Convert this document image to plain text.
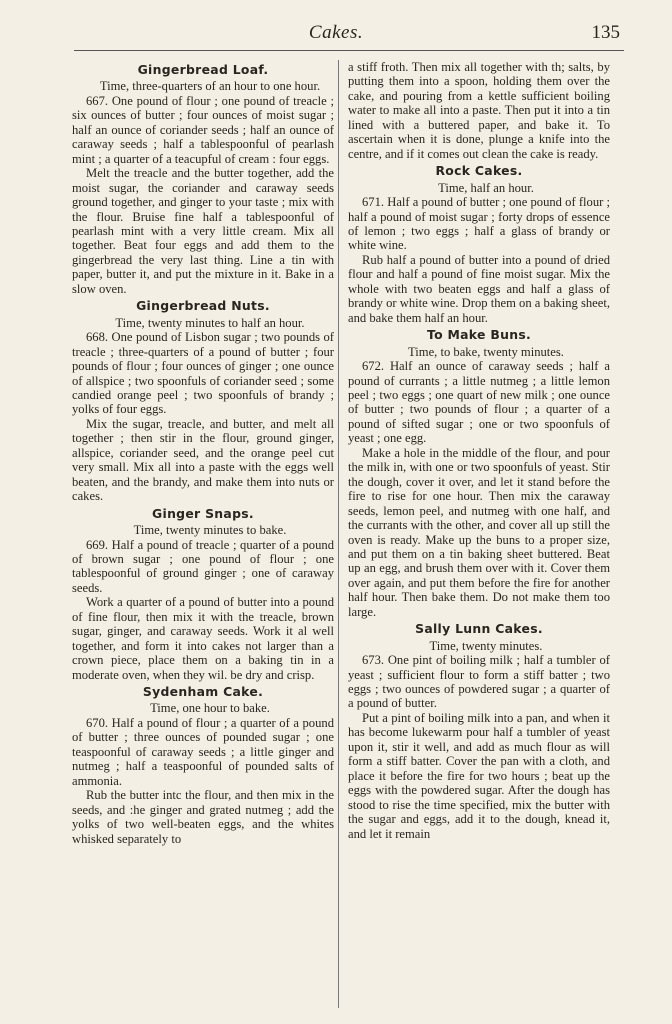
Cakes.	135
Gingerbread Loaf.

Time, three-quarters of an hour to one hour.

667. One pound of flour ; one pound of treacle ; six ounces of butter ; four ounces of moist sugar ; half an ounce of coriander seeds ; half an ounce of caraway seeds ; half a tablespoonful of pearlash mint ; a quarter of a teacupful of cream : four eggs.

Melt the treacle and the butter together, add the moist sugar, the coriander and caraway seeds ground together, and ginger to your taste ; mix with the flour. Bruise fine half a tablespoonful of pearlash mint with a very little cream. Mix all together. Beat four eggs and add them to the gingerbread the very last thing. Line a tin with paper, butter it, and put the mixture in it. Bake in a slow oven.

Gingerbread Nuts.

Time, twenty minutes to half an hour.

668. One pound of Lisbon sugar ; two pounds of treacle ; three-quarters of a pound of butter ; four pounds of flour ; four ounces of ginger ; one ounce of allspice ; two spoonfuls of coriander seed ; some candied orange peel ; two spoonfuls of brandy ; yolks of four eggs.

Mix the sugar, treacle, and butter, and melt all together ; then stir in the flour, ground ginger, allspice, coriander seed, and the orange peel cut very small. Mix all into a paste with the eggs well beaten, and the brandy, and make them into nuts or cakes.

Ginger Snaps.

Time, twenty minutes to bake.

669. Half a pound of treacle ; quarter of a pound of brown sugar ; one pound of flour ; one tablespoonful of ground ginger ; one of caraway seeds.

Work a quarter of a pound of butter into a pound of fine flour, then mix it with the treacle, brown sugar, ginger, and caraway seeds. Work it al well together, and form it into cakes not larger than a crown piece, place them on a baking tin in a moderate oven, when they wil. be dry and crisp.

Sydenham Cake.

Time, one hour to bake.

670. Half a pound of flour ; a quarter of a pound of butter ; three ounces of pounded sugar ; one teaspoonful of caraway seeds ; a little ginger and nutmeg ; half a teaspoonful of pounded salts of ammonia.

Rub the butter intc the flour, and then mix in the seeds, and :he ginger and grated nutmeg ; add the yolks of two well-beaten eggs, and the whites whisked separately to

a stiff froth. Then mix all together with th; salts, by putting them into a spoon, holding them over the cake, and pouring from a kettle sufficient boiling water to make all into a paste. Then put it into a tin lined with a buttered paper, and bake it. To ascertain when it is done, plunge a knife into the centre, and if it comes out clean the cake is ready.

Rock Cakes.

Time, half an hour.

671. Half a pound of butter ; one pound of flour ; half a pound of moist sugar ; forty drops of essence of lemon ; two eggs ; half a glass of brandy or white wine.

Rub half a pound of butter into a pound of dried flour and half a pound of fine moist sugar. Mix the whole with two beaten eggs and half a glass of brandy or white wine. Drop them on a baking sheet, and bake them half an hour.

To Make Buns.

Time, to bake, twenty minutes.

672. Half an ounce of caraway seeds ; half a pound of currants ; a little nutmeg ; a little lemon peel ; two eggs ; one quart of new milk ; one ounce of butter ; two pounds of flour ; a quarter of a pound of sifted sugar ; one or two spoonfuls of yeast ; one egg.

Make a hole in the middle of the flour, and pour the milk in, with one or two spoonfuls of yeast. Stir the dough, cover it over, and let it stand before the fire to rise for one hour. Then mix the caraway seeds, lemon peel, and nutmeg with one half, and the currants with the other, and cover all up still the oven is ready. Make up the buns to a proper size, and put them on a tin baking sheet buttered. Beat up an egg, and brush them over with it. Cover them over again, and put them before the fire for another half hour. Then bake them. Do not make them too large.

Sally Lunn Cakes.

Time, twenty minutes.

673. One pint of boiling milk ; half a tumbler of yeast ; sufficient flour to form a stiff batter ; two eggs ; two ounces of powdered sugar ; a quarter of a pound of butter.

Put a pint of boiling milk into a pan, and when it has become lukewarm pour half a tumbler of yeast upon it, stir it well, and add as much flour as will form a stiff batter. Cover the pan with a cloth, and place it before the fire for two hours ; beat up the eggs with the powdered sugar. After the dough has stood to rise the time specified, mix the butter with the sugar and eggs, add it to the dough, knead it, and let it remain
